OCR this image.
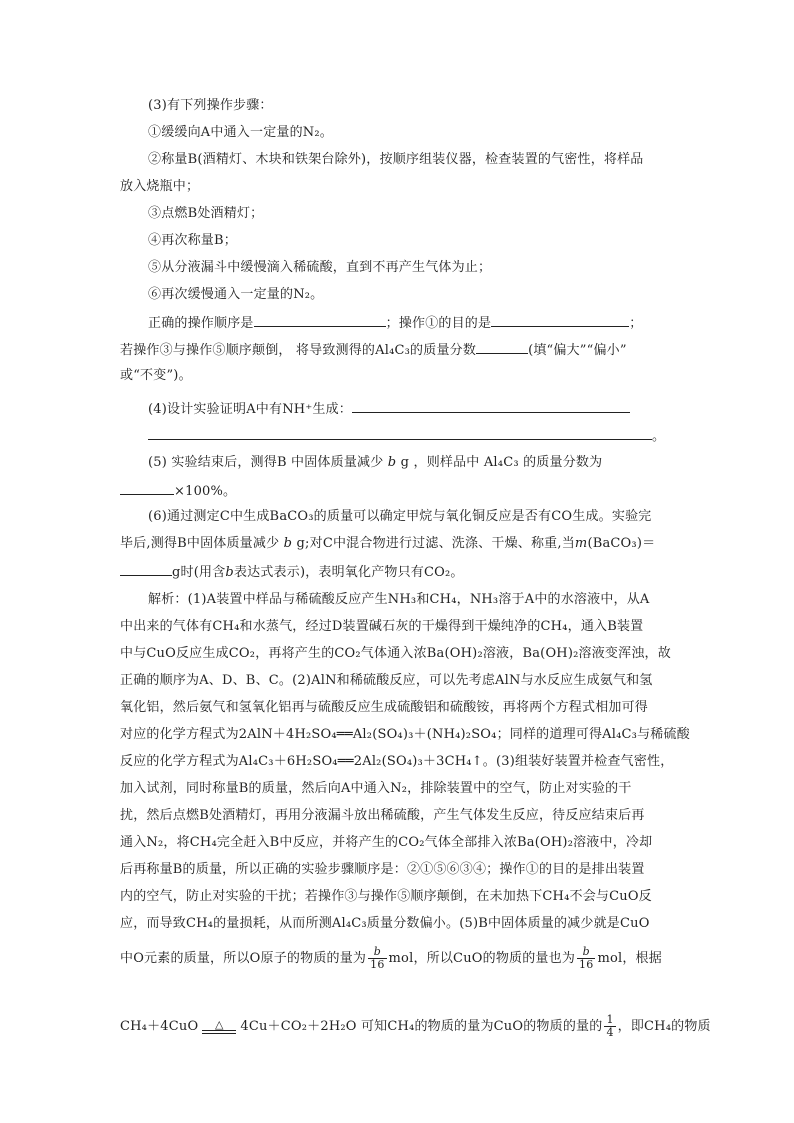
(3)有下列操作步骤：
①缓缓向A中通入一定量的N₂。
②称量B(酒精灯、木块和铁架台除外)，按顺序组装仪器，检查装置的气密性，将样品
放入烧瓶中；
③点燃B处酒精灯；
④再次称量B；
⑤从分液漏斗中缓慢滴入稀硫酸，直到不再产生气体为止；
⑥再次缓慢通入一定量的N₂。
正确的操作顺序是	；操作①的目的是	；
若操作③与操作⑤顺序颠倒， 将导致测得的Al₄C₃的质量分数	(填“偏大”“偏小”
或“不变”)。
(4)设计实验证明A中有NH⁺生成：
。
(5) 实验结束后，测得B 中固体质量减少 b g ，则样品中 Al₄C₃ 的质量分数为
×100%。
(6)通过测定C中生成BaCO₃的质量可以确定甲烷与氧化铜反应是否有CO生成。实验完
毕后,测得B中固体质量减少 b g;对C中混合物进行过滤、洗涤、干燥、称重,当m(BaCO₃)＝
g时(用含b表达式表示)，表明氧化产物只有CO₂。
解析：(1)A装置中样品与稀硫酸反应产生NH₃和CH₄，NH₃溶于A中的水溶液中，从A
中出来的气体有CH₄和水蒸气，经过D装置碱石灰的干燥得到干燥纯净的CH₄，通入B装置
中与CuO反应生成CO₂，再将产生的CO₂气体通入浓Ba(OH)₂溶液，Ba(OH)₂溶液变浑浊，故
正确的顺序为A、D、B、C。(2)AlN和稀硫酸反应，可以先考虑AlN与水反应生成氨气和氢
氧化铝，然后氨气和氢氧化铝再与硫酸反应生成硫酸铝和硫酸铵，再将两个方程式相加可得
对应的化学方程式为2AlN＋4H₂SO₄══Al₂(SO₄)₃＋(NH₄)₂SO₄；同样的道理可得Al₄C₃与稀硫酸
反应的化学方程式为Al₄C₃＋6H₂SO₄══2Al₂(SO₄)₃＋3CH₄↑。(3)组装好装置并检查气密性，
加入试剂，同时称量B的质量，然后向A中通入N₂，排除装置中的空气，防止对实验的干
扰，然后点燃B处酒精灯，再用分液漏斗放出稀硫酸，产生气体发生反应，待反应结束后再
通入N₂，将CH₄完全赶入B中反应，并将产生的CO₂气体全部排入浓Ba(OH)₂溶液中，冷却
后再称量B的质量，所以正确的实验步骤顺序是：②①⑤⑥③④；操作①的目的是排出装置
内的空气，防止对实验的干扰；若操作③与操作⑤顺序颠倒，在未加热下CH₄不会与CuO反
应，而导致CH₄的量损耗，从而所测Al₄C₃质量分数偏小。(5)B中固体质量的减少就是CuO
中O元素的质量，所以O原子的物质的量为 $\frac{b}{16}$ mol，所以CuO的物质的量也为 $\frac{b}{16}$ mol，根据
CH₄＋4CuO	△	4Cu＋CO₂＋2H₂O 可知CH₄的物质的量为CuO的物质的量的 $\frac{1}{4}$ ，即CH₄的物质
